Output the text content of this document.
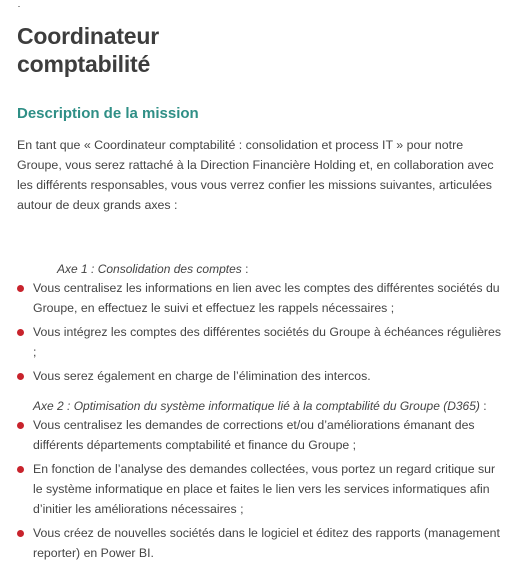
Coordinateur
comptabilité
Description de la mission

En tant que « Coordinateur comptabilité : consolidation et process IT » pour notre Groupe, vous serez rattaché à la Direction Financière Holding et, en collaboration avec les différents responsables, vous vous verrez confier les missions suivantes, articulées autour de deux grands axes :

Axe 1 : Consolidation des comptes :
Vous centralisez les informations en lien avec les comptes des différentes sociétés du Groupe, en effectuez le suivi et effectuez les rappels nécessaires ;
Vous intégrez les comptes des différentes sociétés du Groupe à échéances régulières ;
Vous serez également en charge de l’élimination des intercos.
Axe 2 : Optimisation du système informatique lié à la comptabilité du Groupe (D365) :
Vous centralisez les demandes de corrections et/ou d’améliorations émanant des différents départements comptabilité et finance du Groupe ;
En fonction de l’analyse des demandes collectées, vous portez un regard critique sur le système informatique en place et faites le lien vers les services informatiques afin d’initier les améliorations nécessaires ;
Vous créez de nouvelles sociétés dans le logiciel et éditez des rapports (management reporter) en Power BI.
